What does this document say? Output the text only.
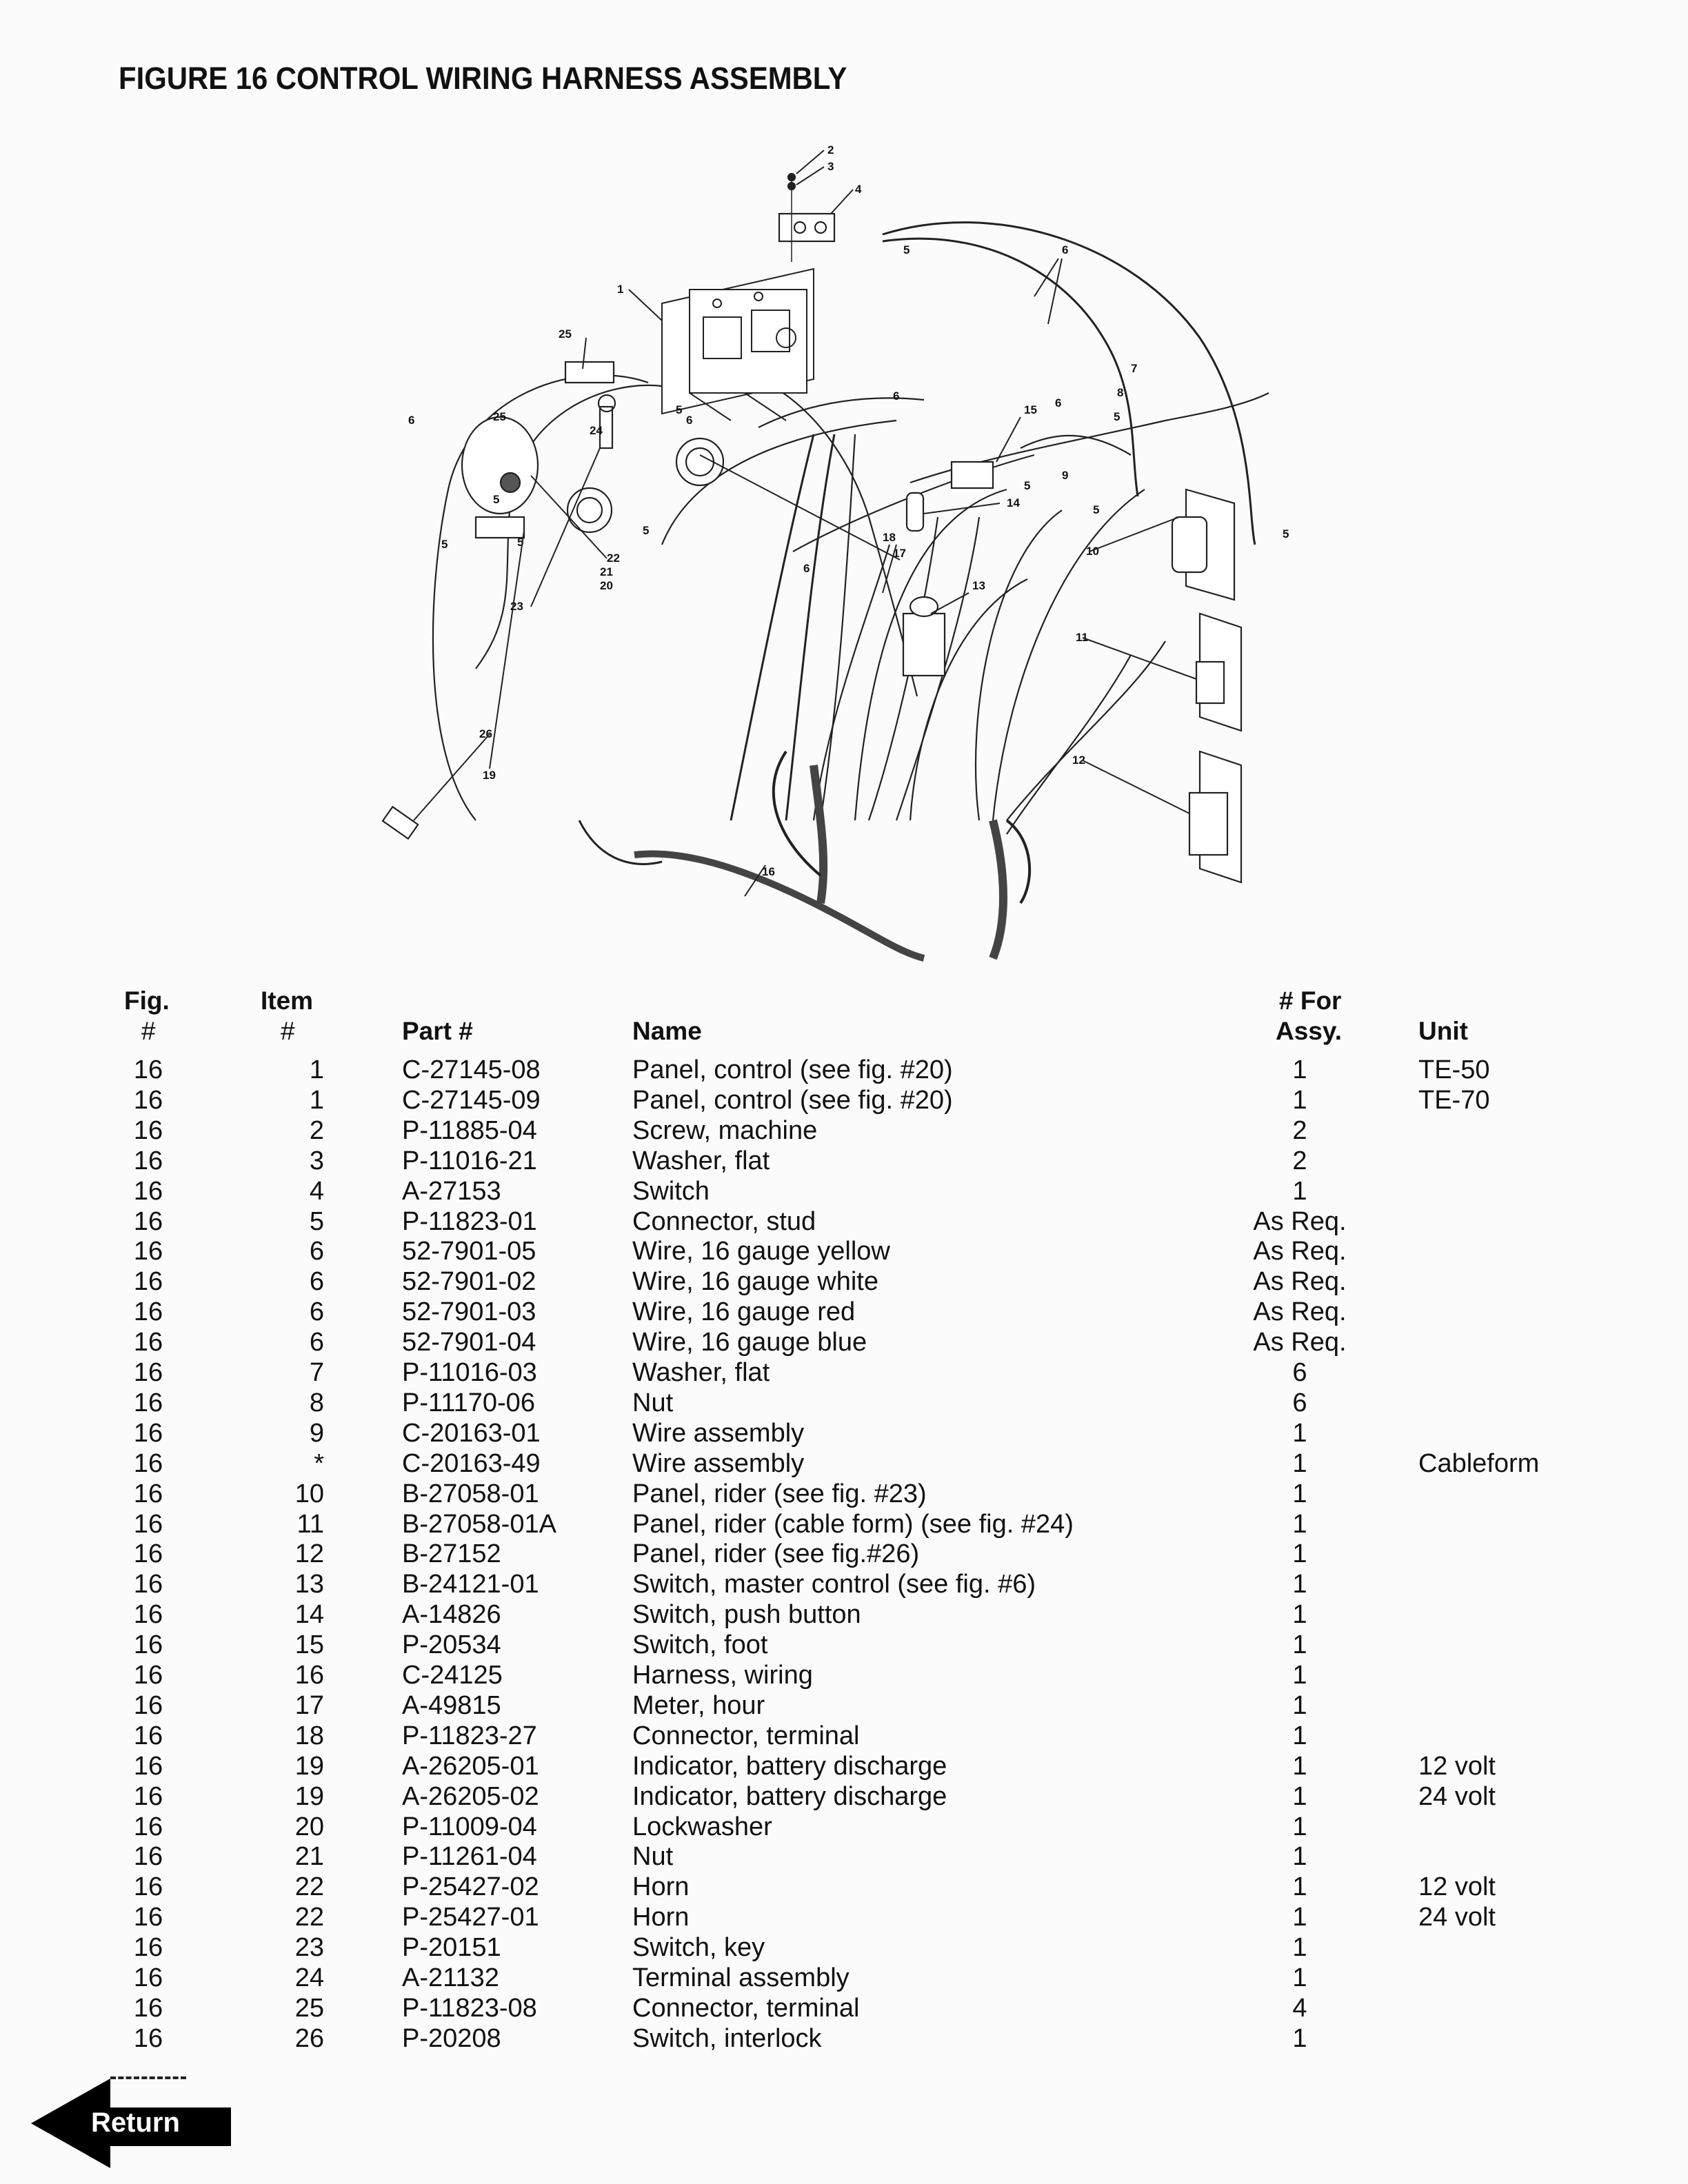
FIGURE 16 CONTROL WIRING HARNESS ASSEMBLY
2
3
4
5	6
1
25
25
24
6	6
5
5
5
23
5
5
6
15
6
8
7
5
5
9
5
5
10
14
18
17
13
22
21
20
6
11
12
19
26
16
Fig.
#
Item
#	Part #	Name
# For
Assy.	Unit
16	1	C-27145-08	Panel, control (see fig. #20)	1	TE-50
16	1	C-27145-09	Panel, control (see fig. #20)	1	TE-70
16	2	P-11885-04	Screw, machine	2
16	3	P-11016-21	Washer, flat	2
16	4	A-27153	Switch	1
16	5	P-11823-01	Connector, stud	As Req.
16	6	52-7901-05	Wire, 16 gauge yellow	As Req.
16	6	52-7901-02	Wire, 16 gauge white	As Req.
16	6	52-7901-03	Wire, 16 gauge red	As Req.
16	6	52-7901-04	Wire, 16 gauge blue	As Req.
16	7	P-11016-03	Washer, flat	6
16	8	P-11170-06	Nut	6
16	9	C-20163-01	Wire assembly	1
16	*	C-20163-49	Wire assembly	1	Cableform
16	10	B-27058-01	Panel, rider (see fig. #23)	1
16	11	B-27058-01A	Panel, rider (cable form) (see fig. #24)	1
16	12	B-27152	Panel, rider (see fig.#26)	1
16	13	B-24121-01	Switch, master control (see fig. #6)	1
16	14	A-14826	Switch, push button	1
16	15	P-20534	Switch, foot	1
16	16	C-24125	Harness, wiring	1
16	17	A-49815	Meter, hour	1
16	18	P-11823-27	Connector, terminal	1
16	19	A-26205-01	Indicator, battery discharge	1	12 volt
16	19	A-26205-02	Indicator, battery discharge	1	24 volt
16	20	P-11009-04	Lockwasher	1
16	21	P-11261-04	Nut	1
16	22	P-25427-02	Horn	1	12 volt
16	22	P-25427-01	Horn	1	24 volt
16	23	P-20151	Switch, key	1
16	24	A-21132	Terminal assembly	1
16	25	P-11823-08	Connector, terminal	4
16	26	P-20208	Switch, interlock	1
Return
